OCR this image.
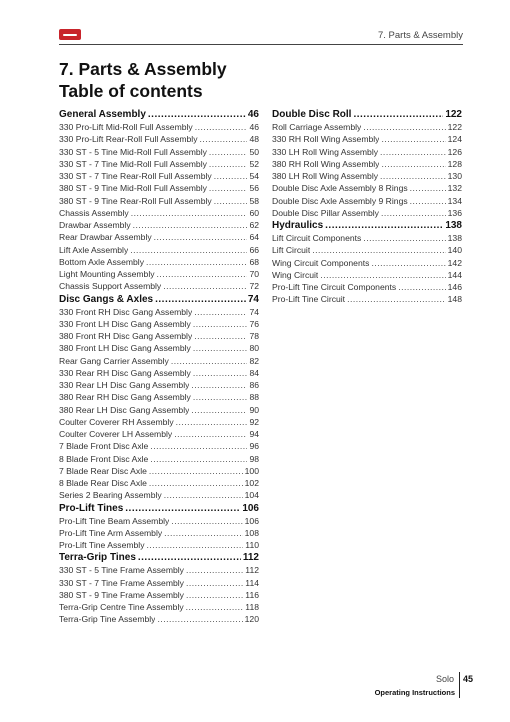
7. Parts & Assembly
7. Parts & Assembly
Table of contents
General Assembly .....	46
330 Pro-Lift Mid-Roll Full Assembly .....	46
330 Pro-Lift Rear-Roll Full Assembly .....	48
330 ST - 5 Tine Mid-Roll Full Assembly .....	50
330 ST - 7 Tine Mid-Roll Full Assembly .....	52
330 ST - 7 Tine Rear-Roll Full Assembly .....	54
380 ST - 9 Tine Mid-Roll Full Assembly .....	56
380 ST - 9 Tine Rear-Roll Full Assembly .....	58
Chassis Assembly .....	60
Drawbar Assembly .....	62
Rear Drawbar Assembly .....	64
Lift Axle Assembly .....	66
Bottom Axle Assembly .....	68
Light Mounting Assembly .....	70
Chassis Support Assembly .....	72
Disc Gangs & Axles .....	74
330 Front RH Disc Gang Assembly .....	74
330 Front LH Disc Gang Assembly .....	76
380 Front RH Disc Gang Assembly .....	78
380 Front LH Disc Gang Assembly .....	80
Rear Gang Carrier Assembly .....	82
330 Rear RH Disc Gang Assembly .....	84
330 Rear LH Disc Gang Assembly .....	86
380 Rear RH Disc Gang Assembly .....	88
380 Rear LH Disc Gang Assembly .....	90
Coulter Coverer RH Assembly .....	92
Coulter Coverer LH Assembly .....	94
7 Blade Front Disc Axle .....	96
8 Blade Front Disc Axle .....	98
7 Blade Rear Disc Axle .....	100
8 Blade Rear Disc Axle .....	102
Series 2 Bearing Assembly .....	104
Pro-Lift Tines .....	106
Pro-Lift Tine Beam Assembly .....	106
Pro-Lift Tine Arm Assembly .....	108
Pro-Lift Tine Assembly .....	110
Terra-Grip Tines .....	112
330 ST - 5 Tine Frame Assembly .....	112
330 ST - 7 Tine Frame Assembly .....	114
380 ST - 9 Tine Frame Assembly .....	116
Terra-Grip Centre Tine Assembly .....	118
Terra-Grip Tine Assembly .....	120
Double Disc Roll .....	122
Roll Carriage Assembly .....	122
330 RH Roll Wing Assembly .....	124
330 LH Roll Wing Assembly .....	126
380 RH Roll Wing Assembly .....	128
380 LH Roll Wing Assembly .....	130
Double Disc Axle Assembly 8 Rings .....	132
Double Disc Axle Assembly 9 Rings .....	134
Double Disc Pillar Assembly .....	136
Hydraulics .....	138
Lift Circuit Components .....	138
Lift Circuit .....	140
Wing Circuit Components .....	142
Wing Circuit .....	144
Pro-Lift Tine Circuit Components .....	146
Pro-Lift Tine Circuit .....	148
Solo 45
Operating Instructions
